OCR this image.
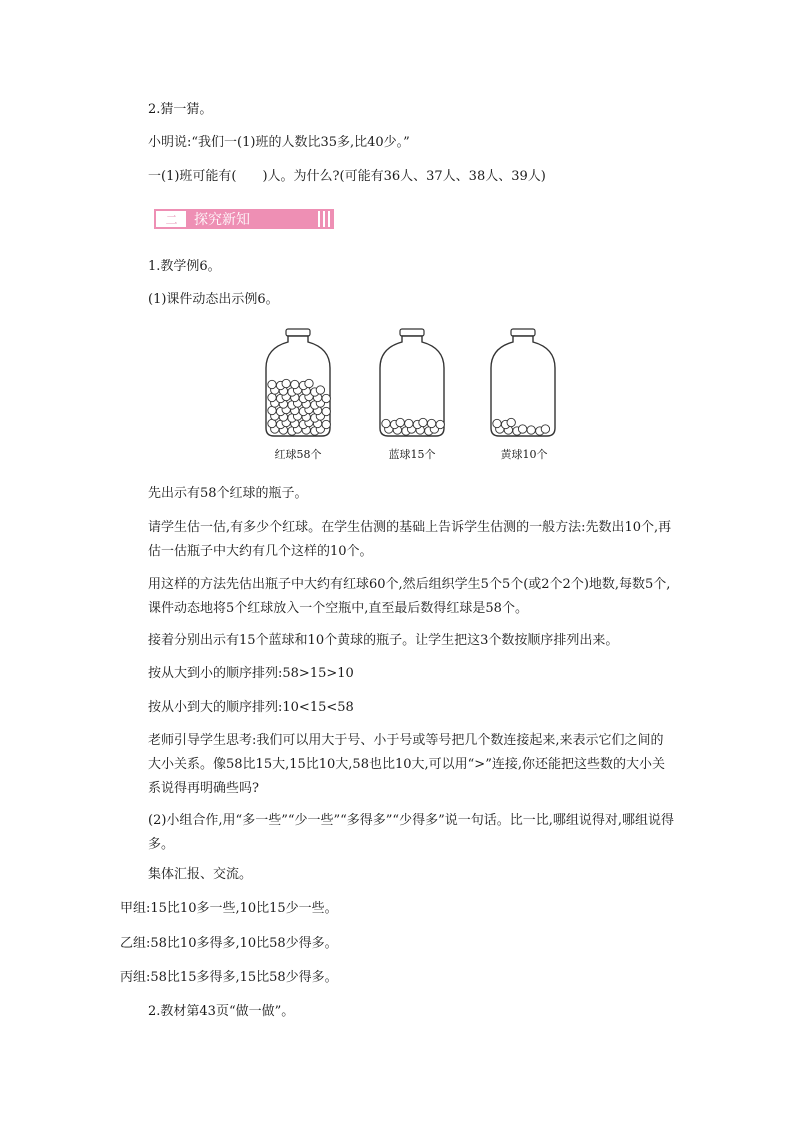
2.猜一猜。
小明说:“我们一(1)班的人数比35多,比40少。”
一(1)班可能有(　　)人。为什么?(可能有36人、37人、38人、39人)
二 探究新知
1.教学例6。
(1)课件动态出示例6。
红球58个	蓝球15个	黄球10个
先出示有58个红球的瓶子。
请学生估一估,有多少个红球。在学生估测的基础上告诉学生估测的一般方法:先数出10个,再估一估瓶子中大约有几个这样的10个。
用这样的方法先估出瓶子中大约有红球60个,然后组织学生5个5个(或2个2个)地数,每数5个,课件动态地将5个红球放入一个空瓶中,直至最后数得红球是58个。
接着分别出示有15个蓝球和10个黄球的瓶子。让学生把这3个数按顺序排列出来。
按从大到小的顺序排列:58>15>10
按从小到大的顺序排列:10<15<58
老师引导学生思考:我们可以用大于号、小于号或等号把几个数连接起来,来表示它们之间的大小关系。像58比15大,15比10大,58也比10大,可以用“>”连接,你还能把这些数的大小关系说得再明确些吗?
(2)小组合作,用“多一些”“少一些”“多得多”“少得多”说一句话。比一比,哪组说得对,哪组说得多。
集体汇报、交流。
甲组:15比10多一些,10比15少一些。
乙组:58比10多得多,10比58少得多。
丙组:58比15多得多,15比58少得多。
2.教材第43页“做一做”。
